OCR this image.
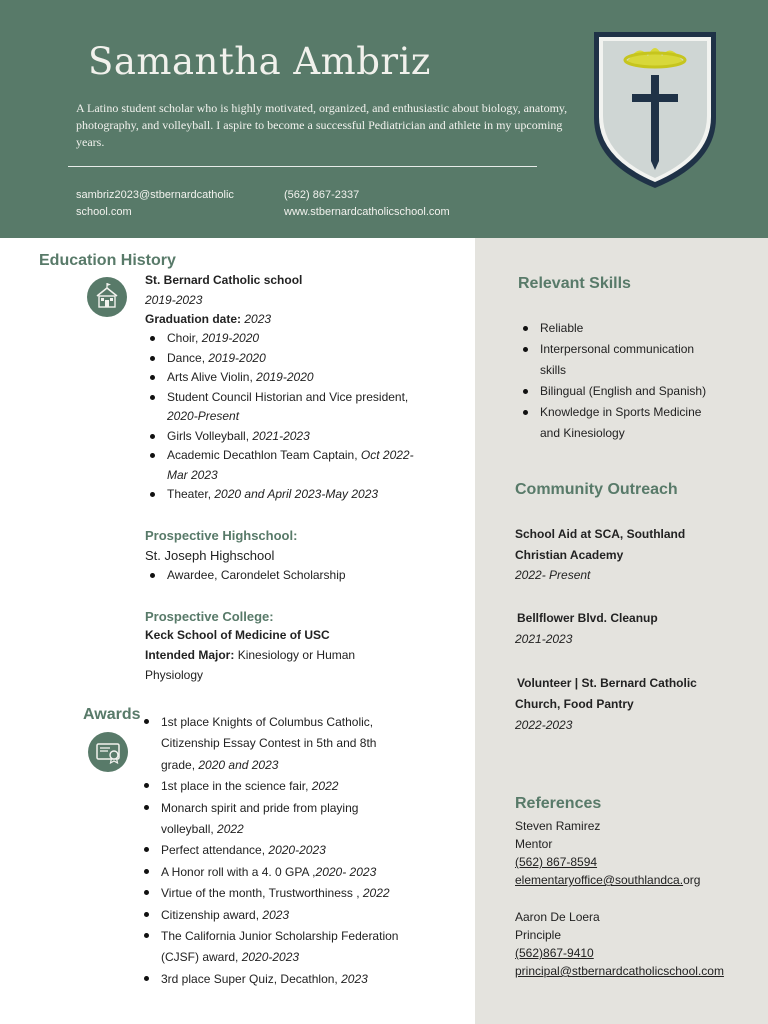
Samantha Ambriz
A Latino student scholar who is highly motivated, organized, and enthusiastic about biology, anatomy, photography, and volleyball. I aspire to become a successful Pediatrician and athlete in my upcoming years.
sambriz2023@stbernardcatholic
school.com
(562) 867-2337
www.stbernardcatholicschool.com
Education History
St. Bernard Catholic school
2019-2023
Graduation date: 2023
Choir, 2019-2020
Dance, 2019-2020
Arts Alive Violin, 2019-2020
Student Council Historian and Vice president, 2020-Present
Girls Volleyball, 2021-2023
Academic Decathlon Team Captain, Oct 2022-Mar 2023
Theater, 2020 and April 2023-May 2023
Prospective Highschool:
St. Joseph Highschool
Awardee, Carondelet Scholarship
Prospective College:
Keck School of Medicine of USC
Intended Major: Kinesiology or Human Physiology
Awards	1st place Knights of Columbus Catholic, Citizenship Essay Contest in 5th and 8th grade, 2020 and 2023
1st place in the science fair, 2022
Monarch spirit and pride from playing volleyball, 2022
Perfect attendance, 2020-2023
A Honor roll with a 4. 0 GPA ,2020- 2023
Virtue of the month, Trustworthiness , 2022
Citizenship award, 2023
The California Junior Scholarship Federation (CJSF) award, 2020-2023
3rd place Super Quiz, Decathlon, 2023
Relevant Skills
Reliable
Interpersonal communication skills
Bilingual (English and Spanish)
Knowledge in Sports Medicine and Kinesiology
Community Outreach
School Aid at SCA, Southland Christian Academy
2022- Present
Bellflower Blvd. Cleanup
2021-2023
Volunteer | St. Bernard Catholic Church, Food Pantry
2022-2023
References
Steven Ramirez
Mentor
(562) 867-8594
elementaryoffice@southlandca.org
Aaron De Loera
Principle
(562)867-9410
principal@stbernardcatholicschool.com
